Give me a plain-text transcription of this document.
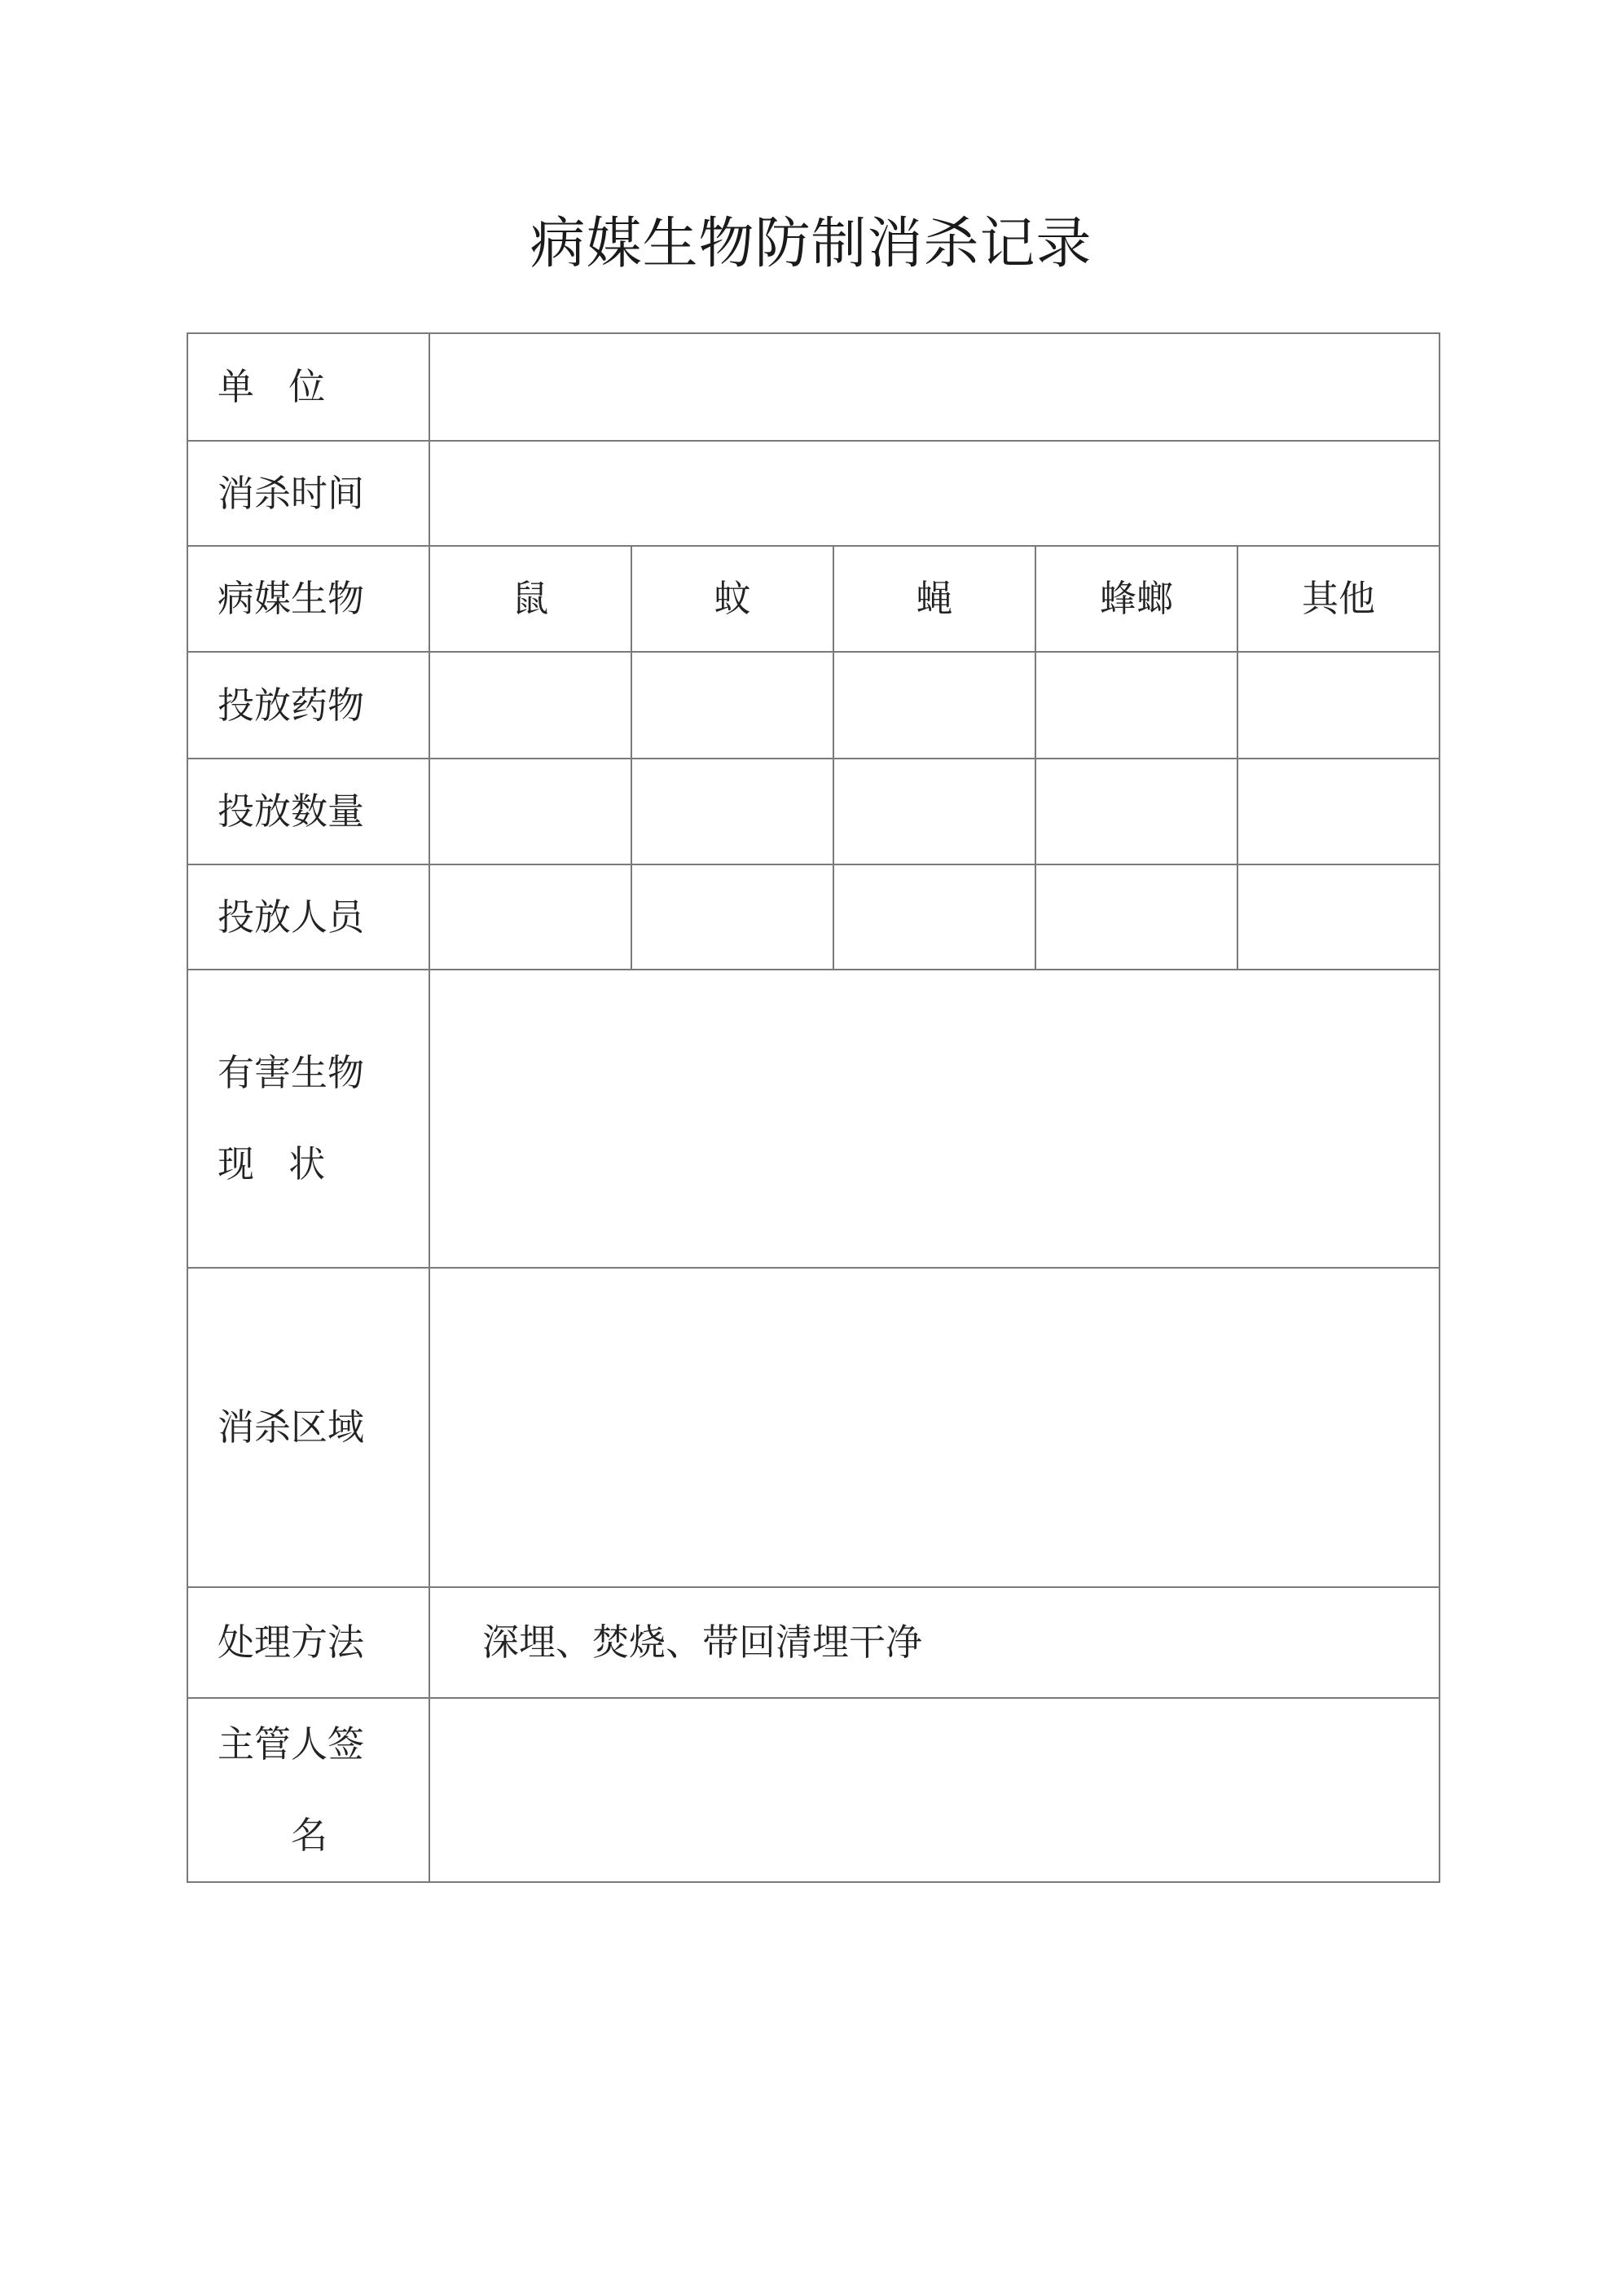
病媒生物防制消杀记录
单 位					
消杀时间					
病媒生物	鼠	蚊	蝇	蜂螂	其他
投放药物					
投放数量					
投放人员					

有害生物
现 状					

消杀区域					
处理方法	深埋、焚烧、带回清埋干净				

主管人签
名					
